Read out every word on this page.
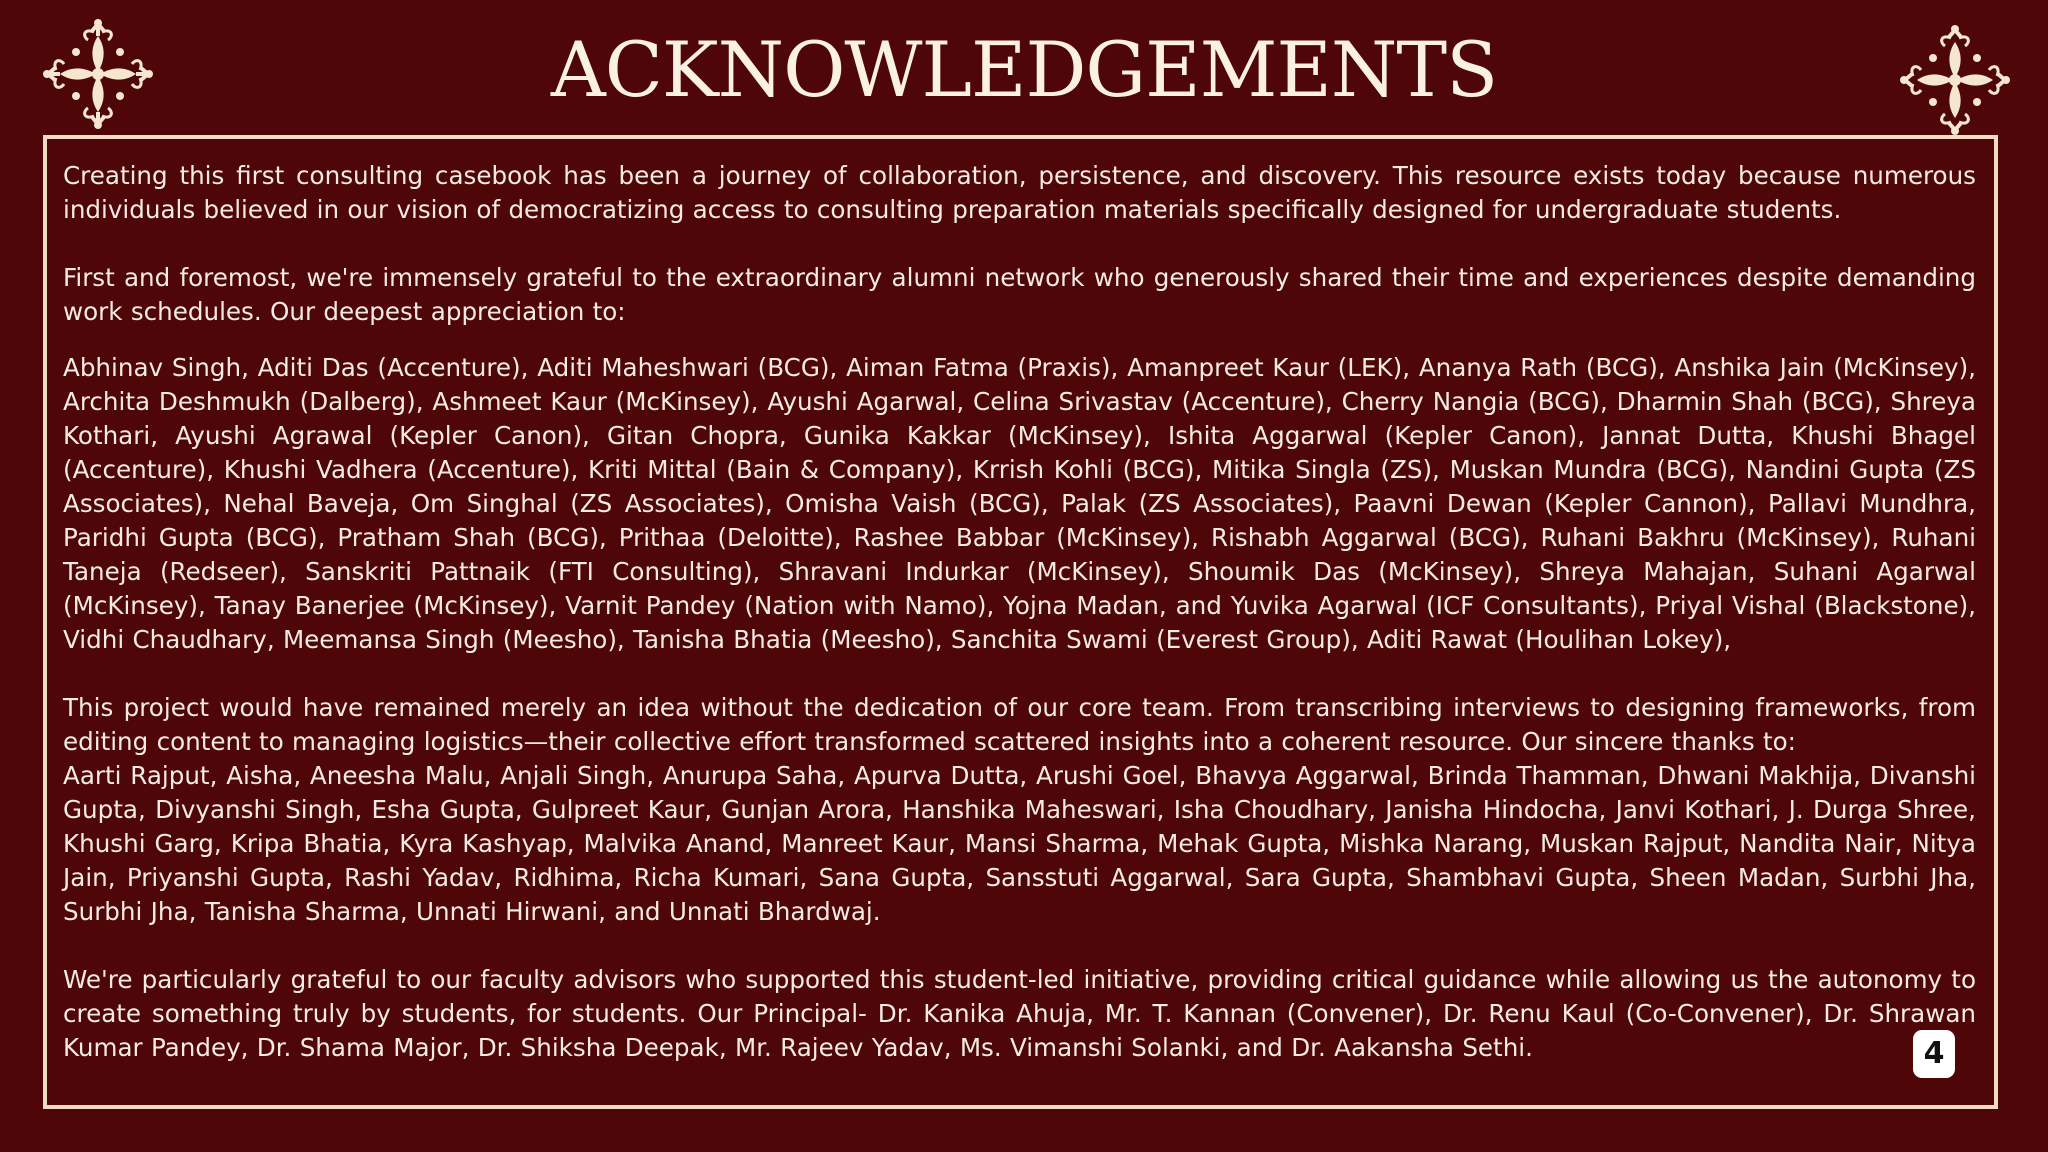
ACKNOWLEDGEMENTS

Creating this first consulting casebook has been a journey of collaboration, persistence, and discovery. This resource exists today because numerous individuals believed in our vision of democratizing access to consulting preparation materials specifically designed for undergraduate students.

First and foremost, we're immensely grateful to the extraordinary alumni network who generously shared their time and experiences despite demanding work schedules. Our deepest appreciation to:

Abhinav Singh, Aditi Das (Accenture), Aditi Maheshwari (BCG), Aiman Fatma (Praxis), Amanpreet Kaur (LEK), Ananya Rath (BCG), Anshika Jain (McKinsey), Archita Deshmukh (Dalberg), Ashmeet Kaur (McKinsey), Ayushi Agarwal, Celina Srivastav (Accenture), Cherry Nangia (BCG), Dharmin Shah (BCG), Shreya Kothari, Ayushi Agrawal (Kepler Canon), Gitan Chopra, Gunika Kakkar (McKinsey), Ishita Aggarwal (Kepler Canon), Jannat Dutta, Khushi Bhagel (Accenture), Khushi Vadhera (Accenture), Kriti Mittal (Bain & Company), Krrish Kohli (BCG), Mitika Singla (ZS), Muskan Mundra (BCG), Nandini Gupta (ZS Associates), Nehal Baveja, Om Singhal (ZS Associates), Omisha Vaish (BCG), Palak (ZS Associates), Paavni Dewan (Kepler Cannon), Pallavi Mundhra, Paridhi Gupta (BCG), Pratham Shah (BCG), Prithaa (Deloitte), Rashee Babbar (McKinsey), Rishabh Aggarwal (BCG), Ruhani Bakhru (McKinsey), Ruhani Taneja (Redseer), Sanskriti Pattnaik (FTI Consulting), Shravani Indurkar (McKinsey), Shoumik Das (McKinsey), Shreya Mahajan, Suhani Agarwal (McKinsey), Tanay Banerjee (McKinsey), Varnit Pandey (Nation with Namo), Yojna Madan, and Yuvika Agarwal (ICF Consultants), Priyal Vishal (Blackstone), Vidhi Chaudhary, Meemansa Singh (Meesho), Tanisha Bhatia (Meesho), Sanchita Swami (Everest Group), Aditi Rawat (Houlihan Lokey),

This project would have remained merely an idea without the dedication of our core team. From transcribing interviews to designing frameworks, from editing content to managing logistics—their collective effort transformed scattered insights into a coherent resource. Our sincere thanks to:

Aarti Rajput, Aisha, Aneesha Malu, Anjali Singh, Anurupa Saha, Apurva Dutta, Arushi Goel, Bhavya Aggarwal, Brinda Thamman, Dhwani Makhija, Divanshi Gupta, Divyanshi Singh, Esha Gupta, Gulpreet Kaur, Gunjan Arora, Hanshika Maheswari, Isha Choudhary, Janisha Hindocha, Janvi Kothari, J. Durga Shree, Khushi Garg, Kripa Bhatia, Kyra Kashyap, Malvika Anand, Manreet Kaur, Mansi Sharma, Mehak Gupta, Mishka Narang, Muskan Rajput, Nandita Nair, Nitya Jain, Priyanshi Gupta, Rashi Yadav, Ridhima, Richa Kumari, Sana Gupta, Sansstuti Aggarwal, Sara Gupta, Shambhavi Gupta, Sheen Madan, Surbhi Jha, Surbhi Jha, Tanisha Sharma, Unnati Hirwani, and Unnati Bhardwaj.

We're particularly grateful to our faculty advisors who supported this student-led initiative, providing critical guidance while allowing us the autonomy to create something truly by students, for students. Our Principal- Dr. Kanika Ahuja, Mr. T. Kannan (Convener), Dr. Renu Kaul (Co-Convener), Dr. Shrawan Kumar Pandey, Dr. Shama Major, Dr. Shiksha Deepak, Mr. Rajeev Yadav, Ms. Vimanshi Solanki, and Dr. Aakansha Sethi.	4
